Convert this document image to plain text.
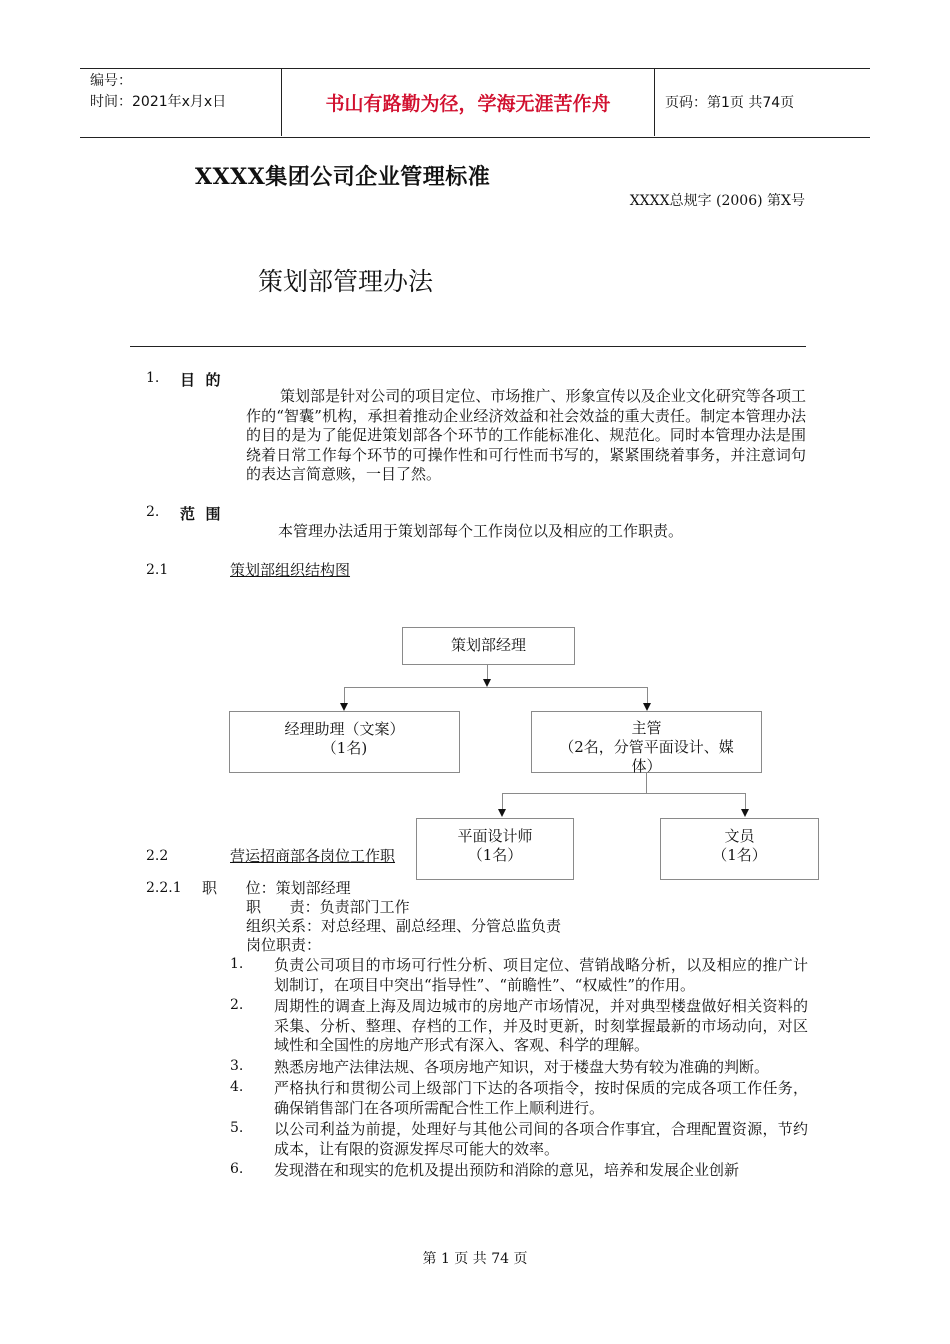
编号：
时间：2021年x月x日	书山有路勤为径，学海无涯苦作舟	页码：第1页 共74页
XXXX集团公司企业管理标准
XXXX总规字 (2006) 第X号
策划部管理办法
1. 目  的
策划部是针对公司的项目定位、市场推广、形象宣传以及企业文化研究等各项工作的“智囊”机构，承担着推动企业经济效益和社会效益的重大责任。制定本管理办法的目的是为了能促进策划部各个环节的工作能标准化、规范化。同时本管理办法是围绕着日常工作每个环节的可操作性和可行性而书写的，紧紧围绕着事务，并注意词句的表达言简意赅，一目了然。
2. 范  围
本管理办法适用于策划部每个工作岗位以及相应的工作职责。
2.1	策划部组织结构图
策划部经理
经理助理（文案）
（1名)
主管
（2名，分管平面设计、媒
体）
平面设计师
（1名）
文员
（1名）
2.2	营运招商部各岗位工作职
2.2.1 职      位：策划部经理
职      责：负责部门工作
组织关系：对总经理、副总经理、分管总监负责
岗位职责：
1.	负责公司项目的市场可行性分析、项目定位、营销战略分析，以及相应的推广计划制订，在项目中突出“指导性”、“前瞻性”、“权威性”的作用。
2.	周期性的调查上海及周边城市的房地产市场情况，并对典型楼盘做好相关资料的采集、分析、整理、存档的工作，并及时更新，时刻掌握最新的市场动向，对区域性和全国性的房地产形式有深入、客观、科学的理解。
3.	熟悉房地产法律法规、各项房地产知识，对于楼盘大势有较为准确的判断。
4.	严格执行和贯彻公司上级部门下达的各项指令，按时保质的完成各项工作任务，确保销售部门在各项所需配合性工作上顺利进行。
5.	以公司利益为前提，处理好与其他公司间的各项合作事宜，合理配置资源，节约成本，让有限的资源发挥尽可能大的效率。
6.	发现潜在和现实的危机及提出预防和消除的意见，培养和发展企业创新
第 1 页 共 74 页
